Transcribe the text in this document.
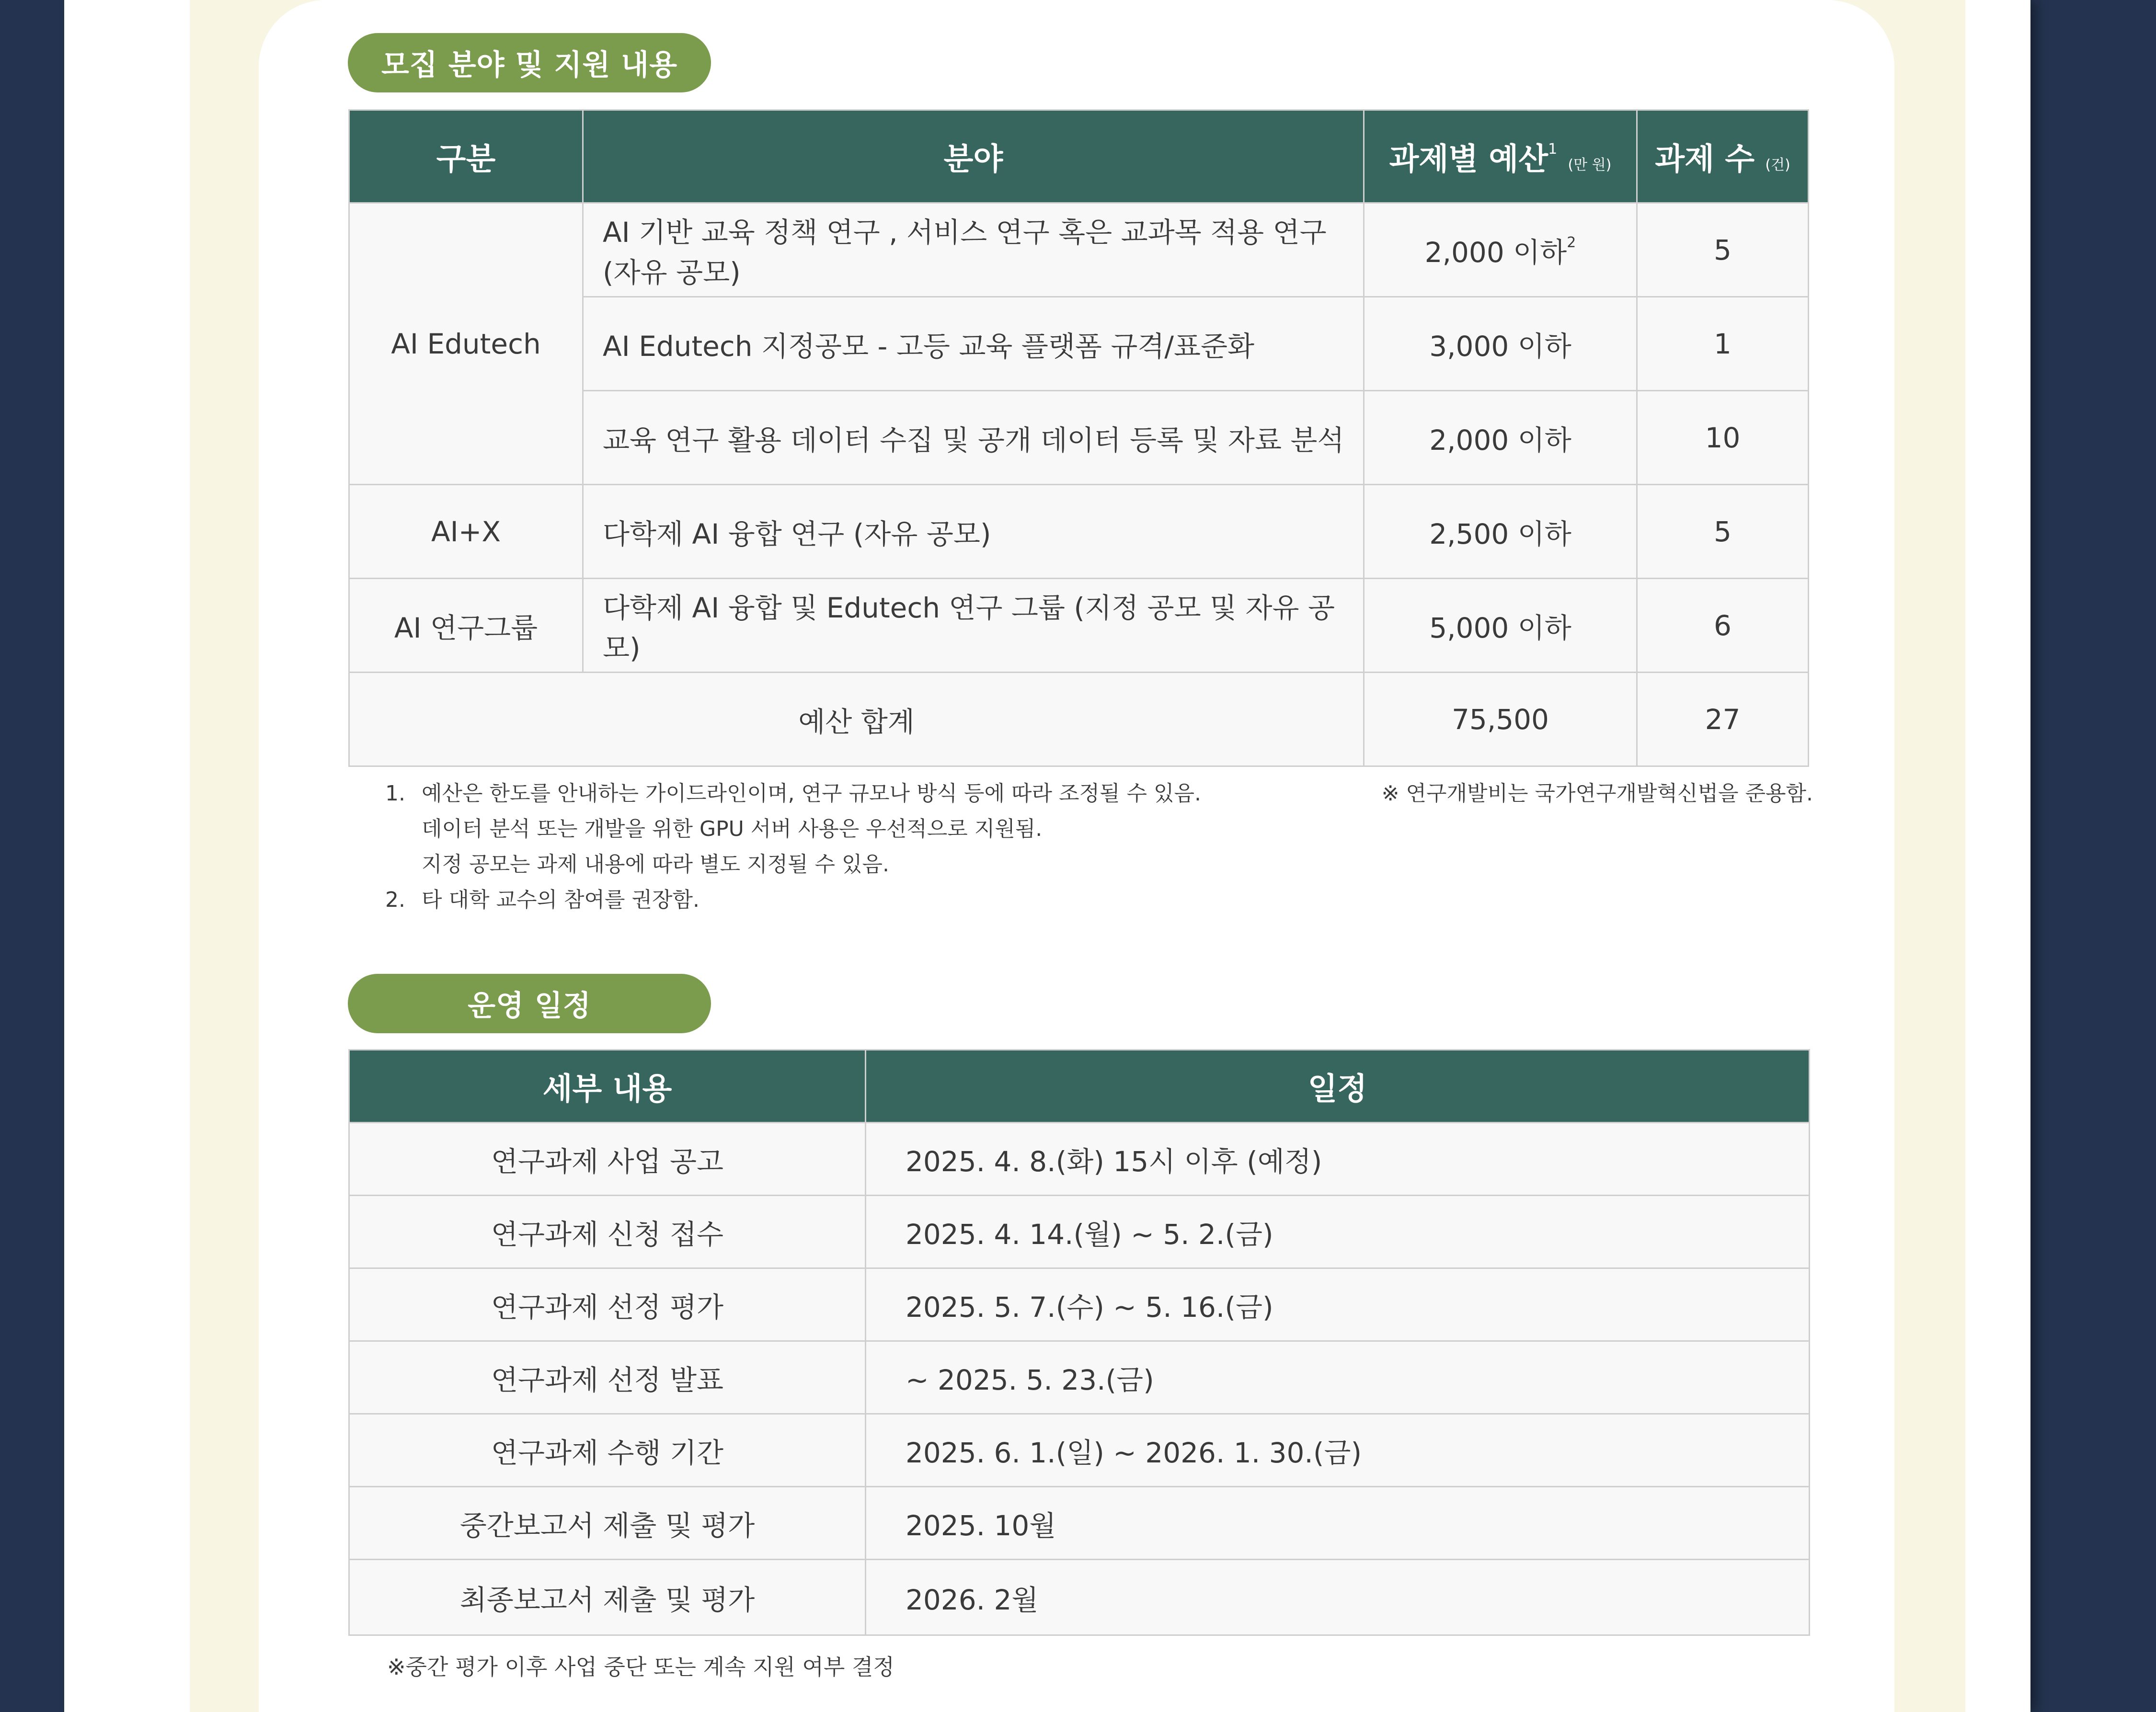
모집 분야 및 지원 내용
구분	분야	과제별 예산$^1$ (만 원)	과제 수 (건)
AI Edutech	AI 기반 교육 정책 연구 , 서비스 연구 혹은 교과목 적용 연구(자유 공모)	2,000 이하$^2$	5
	AI Edutech 지정공모 - 고등 교육 플랫폼 규격/표준화	3,000 이하	1
	교육 연구 활용 데이터 수집 및 공개 데이터 등록 및 자료 분석	2,000 이하	10
AI+X	다학제 AI 융합 연구 (자유 공모)	2,500 이하	5
AI 연구그룹	다학제 AI 융합 및 Edutech 연구 그룹 (지정 공모 및 자유 공모)	5,000 이하	6
예산 합계		75,500	27
1. 예산은 한도를 안내하는 가이드라인이며, 연구 규모나 방식 등에 따라 조정될 수 있음.
데이터 분석 또는 개발을 위한 GPU 서버 사용은 우선적으로 지원됨.
지정 공모는 과제 내용에 따라 별도 지정될 수 있음.
2. 타 대학 교수의 참여를 권장함.
※ 연구개발비는 국가연구개발혁신법을 준용함.
운영 일정
세부 내용	일정
연구과제 사업 공고	2025. 4. 8.(화) 15시 이후 (예정)
연구과제 신청 접수	2025. 4. 14.(월) ~ 5. 2.(금)
연구과제 선정 평가	2025. 5. 7.(수) ~ 5. 16.(금)
연구과제 선정 발표	~ 2025. 5. 23.(금)
연구과제 수행 기간	2025. 6. 1.(일) ~ 2026. 1. 30.(금)
중간보고서 제출 및 평가	2025. 10월
최종보고서 제출 및 평가	2026. 2월
※중간 평가 이후 사업 중단 또는 계속 지원 여부 결정
